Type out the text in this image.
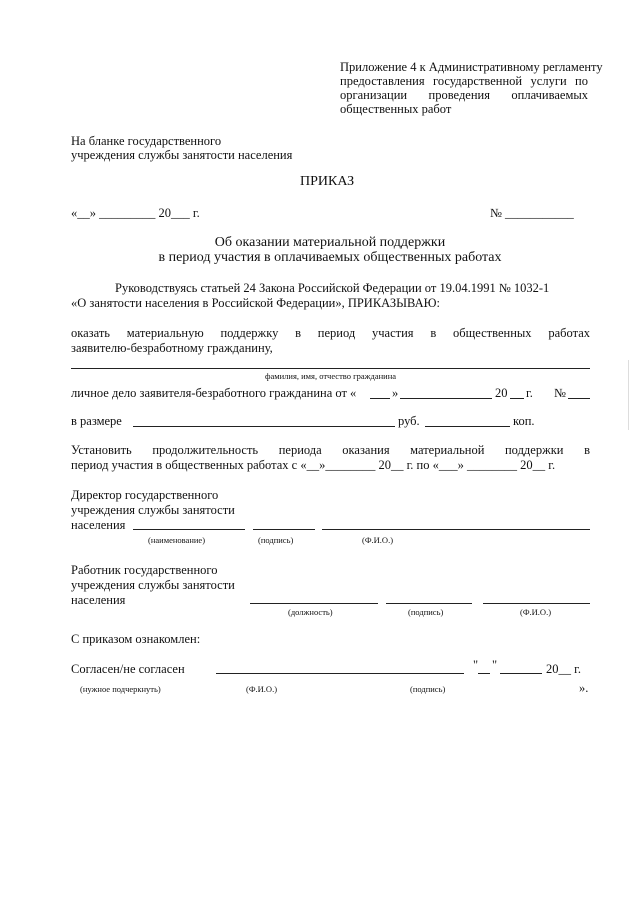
Приложение 4 к Административному регламенту
предоставления государственной услуги по
организации проведения оплачиваемых
общественных работ
На бланке государственного
учреждения службы занятости населения
ПРИКАЗ
«__» _________ 20___ г.	№ ___________
Об оказании материальной поддержки
в период участия в оплачиваемых общественных работах
Руководствуясь статьей 24 Закона Российской Федерации от 19.04.1991 № 1032-1
«О занятости населения в Российской Федерации», ПРИКАЗЫВАЮ:
оказать материальную поддержку в период участия в общественных работах
заявителю-безработному гражданину,
фамилия, имя, отчество гражданина
личное дело заявителя-безработного гражданина от «	»	20 г. №
в размере	руб.	коп.
Установить продолжительность периода оказания материальной поддержки в
период участия в общественных работах с «__»________ 20__ г. по «___» ________ 20__ г.
Директор государственного
учреждения службы занятости
населения
(наименование)	(подпись)	(Ф.И.О.)
Работник государственного
учреждения службы занятости
населения
(должность)	(подпись)	(Ф.И.О.)
С приказом ознакомлен:
Согласен/не согласен	" "	20__ г.
(нужное подчеркнуть)	(Ф.И.О.)	(подпись)	».
